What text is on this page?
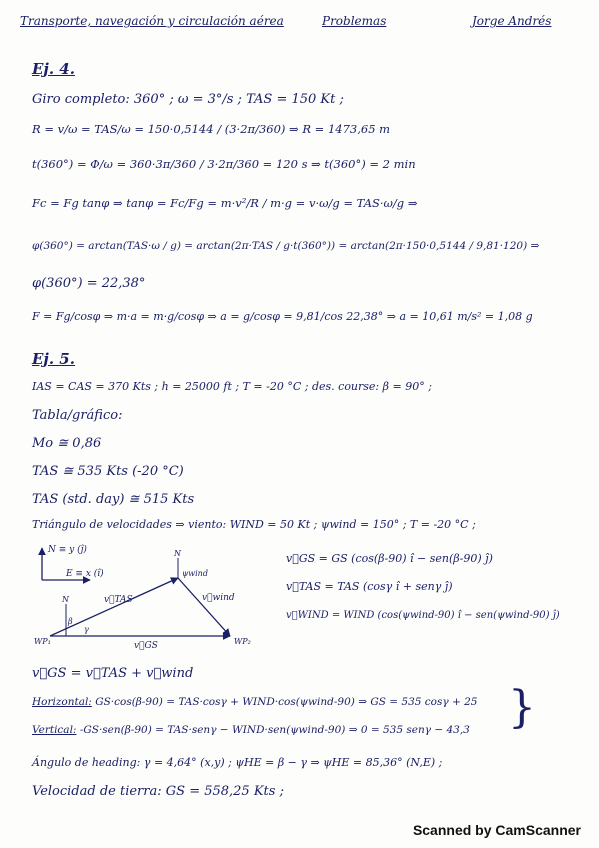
Transporte, navegación y circulación aérea	Problemas	Jorge Andrés
Ej. 4.
Giro completo: 360° ; ω = 3°/s ; TAS = 150 Kt ;
R = v/ω = TAS/ω = 150·0,5144 / (3·2π/360) ⇒ R = 1473,65 m
t(360°) = Φ/ω = 360·3π/360 / 3·2π/360 = 120 s ⇒ t(360°) = 2 min
Fc = Fg tanφ ⇒ tanφ = Fc/Fg = m·v²/R / m·g = v·ω/g = TAS·ω/g ⇒
φ(360°) = arctan(TAS·ω / g) = arctan(2π·TAS / g·t(360°)) = arctan(2π·150·0,5144 / 9,81·120) ⇒
φ(360°) = 22,38°
F = Fg/cosφ ⇒ m·a = m·g/cosφ ⇒ a = g/cosφ = 9,81/cos 22,38° ⇒ a = 10,61 m/s² = 1,08 g
Ej. 5.
IAS = CAS = 370 Kts ; h = 25000 ft ; T = -20 °C ; des. course: β = 90° ;
Tabla/gráfico:
Mo ≅ 0,86
TAS ≅ 535 Kts (-20 °C)
TAS (std. day) ≅ 515 Kts
Triángulo de velocidades ⇒ viento: WIND = 50 Kt ; ψwind = 150° ; T = -20 °C ;
N ≡ y (ĵ)
E ≡ x (î)
N
N
v⃗TAS	v⃗wind
v⃗GS
ψwind
β
γ
WP₁	WP₂
v⃗GS = GS (cos(β-90) î − sen(β-90) ĵ)
v⃗TAS = TAS (cosγ î + senγ ĵ)
v⃗WIND = WIND (cos(ψwind-90) î − sen(ψwind-90) ĵ)
v⃗GS = v⃗TAS + v⃗wind
Horizontal: GS·cos(β-90) = TAS·cosγ + WIND·cos(ψwind-90) ⇒ GS = 535 cosγ + 25
Vertical: -GS·sen(β-90) = TAS·senγ − WIND·sen(ψwind-90) ⇒ 0 = 535 senγ − 43,3 }
Ángulo de heading: γ = 4,64° (x,y) ; ψHE = β − γ ⇒ ψHE = 85,36° (N,E) ;
Velocidad de tierra: GS = 558,25 Kts ;
Scanned by CamScanner
